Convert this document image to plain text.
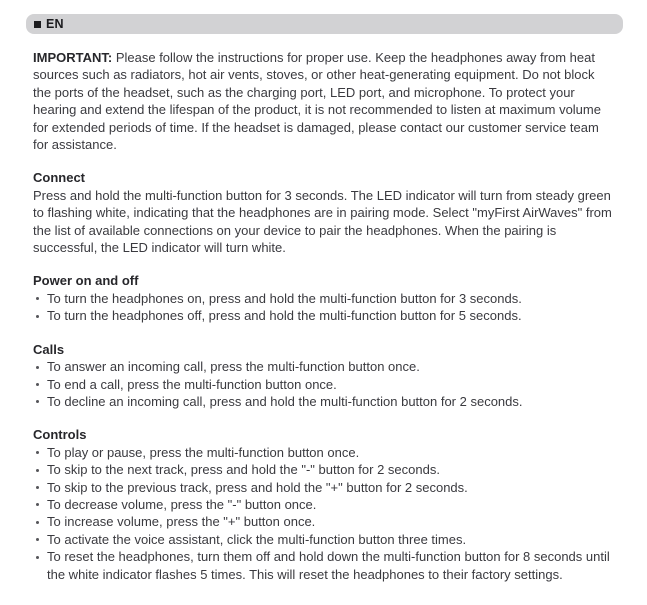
EN

IMPORTANT: Please follow the instructions for proper use. Keep the headphones away from heat sources such as radiators, hot air vents, stoves, or other heat-generating equipment. Do not block the ports of the headset, such as the charging port, LED port, and microphone. To protect your hearing and extend the lifespan of the product, it is not recommended to listen at maximum volume for extended periods of time. If the headset is damaged, please contact our customer service team for assistance.

Connect

Press and hold the multi-function button for 3 seconds. The LED indicator will turn from steady green to flashing white, indicating that the headphones are in pairing mode. Select "myFirst AirWaves" from the list of available connections on your device to pair the headphones. When the pairing is successful, the LED indicator will turn white.

Power on and off
To turn the headphones on, press and hold the multi-function button for 3 seconds.
To turn the headphones off, press and hold the multi-function button for 5 seconds.
Calls
To answer an incoming call, press the multi-function button once.
To end a call, press the multi-function button once.
To decline an incoming call, press and hold the multi-function button for 2 seconds.
Controls
To play or pause, press the multi-function button once.
To skip to the next track, press and hold the "-" button for 2 seconds.
To skip to the previous track, press and hold the "+" button for 2 seconds.
To decrease volume, press the "-" button once.
To increase volume, press the "+" button once.
To activate the voice assistant, click the multi-function button three times.
To reset the headphones, turn them off and hold down the multi-function button for 8 seconds until the white indicator flashes 5 times. This will reset the headphones to their factory settings.
